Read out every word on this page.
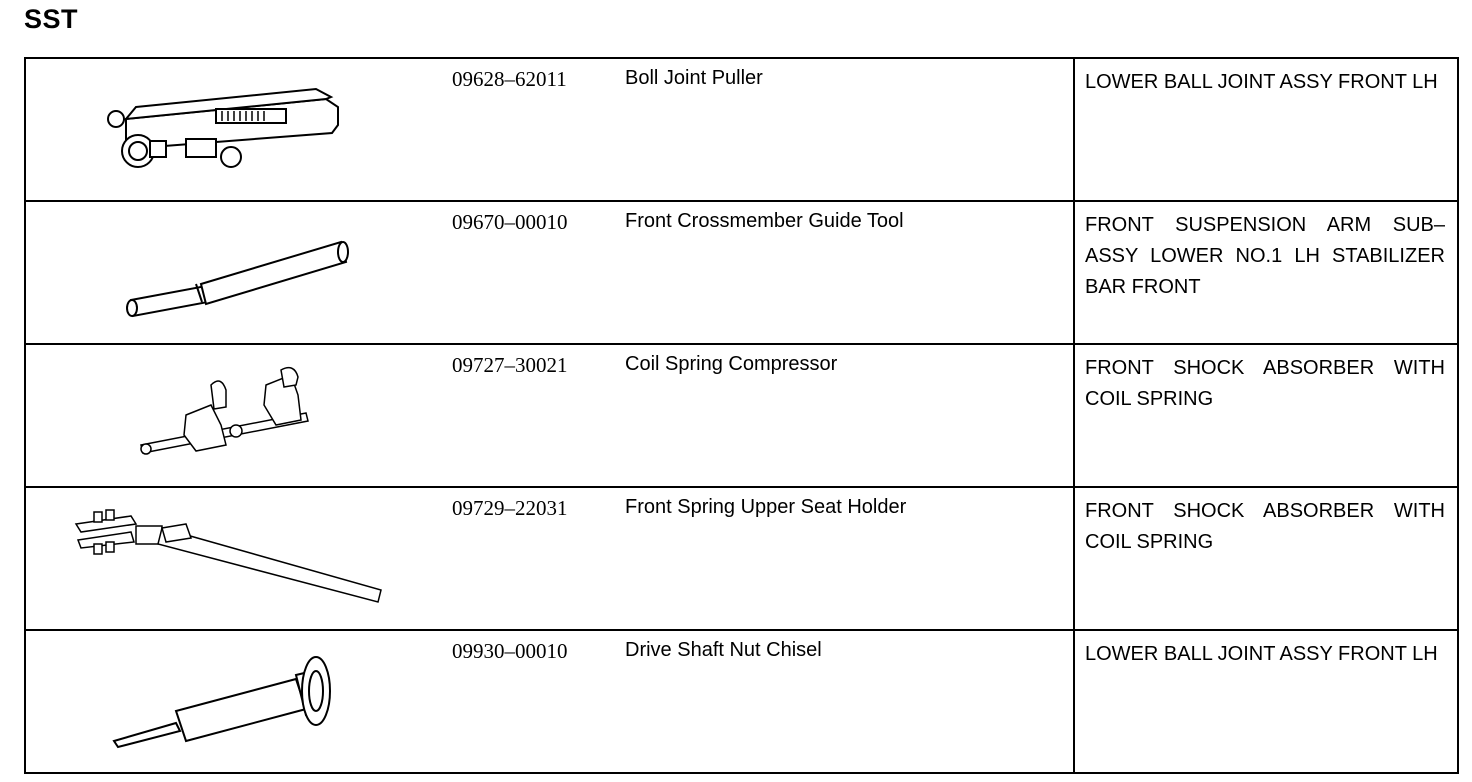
SST
09628–62011 Boll Joint Puller	LOWER BALL JOINT ASSY FRONT LH

09670–00010 Front Crossmember Guide Tool	FRONT SUSPENSION ARM SUB–ASSY LOWER NO.1 LH STABILIZER BAR FRONT

09727–30021 Coil Spring Compressor	FRONT SHOCK ABSORBER WITH COIL SPRING

09729–22031 Front Spring Upper Seat Holder	FRONT SHOCK ABSORBER WITH COIL SPRING

09930–00010 Drive Shaft Nut Chisel	LOWER BALL JOINT ASSY FRONT LH
